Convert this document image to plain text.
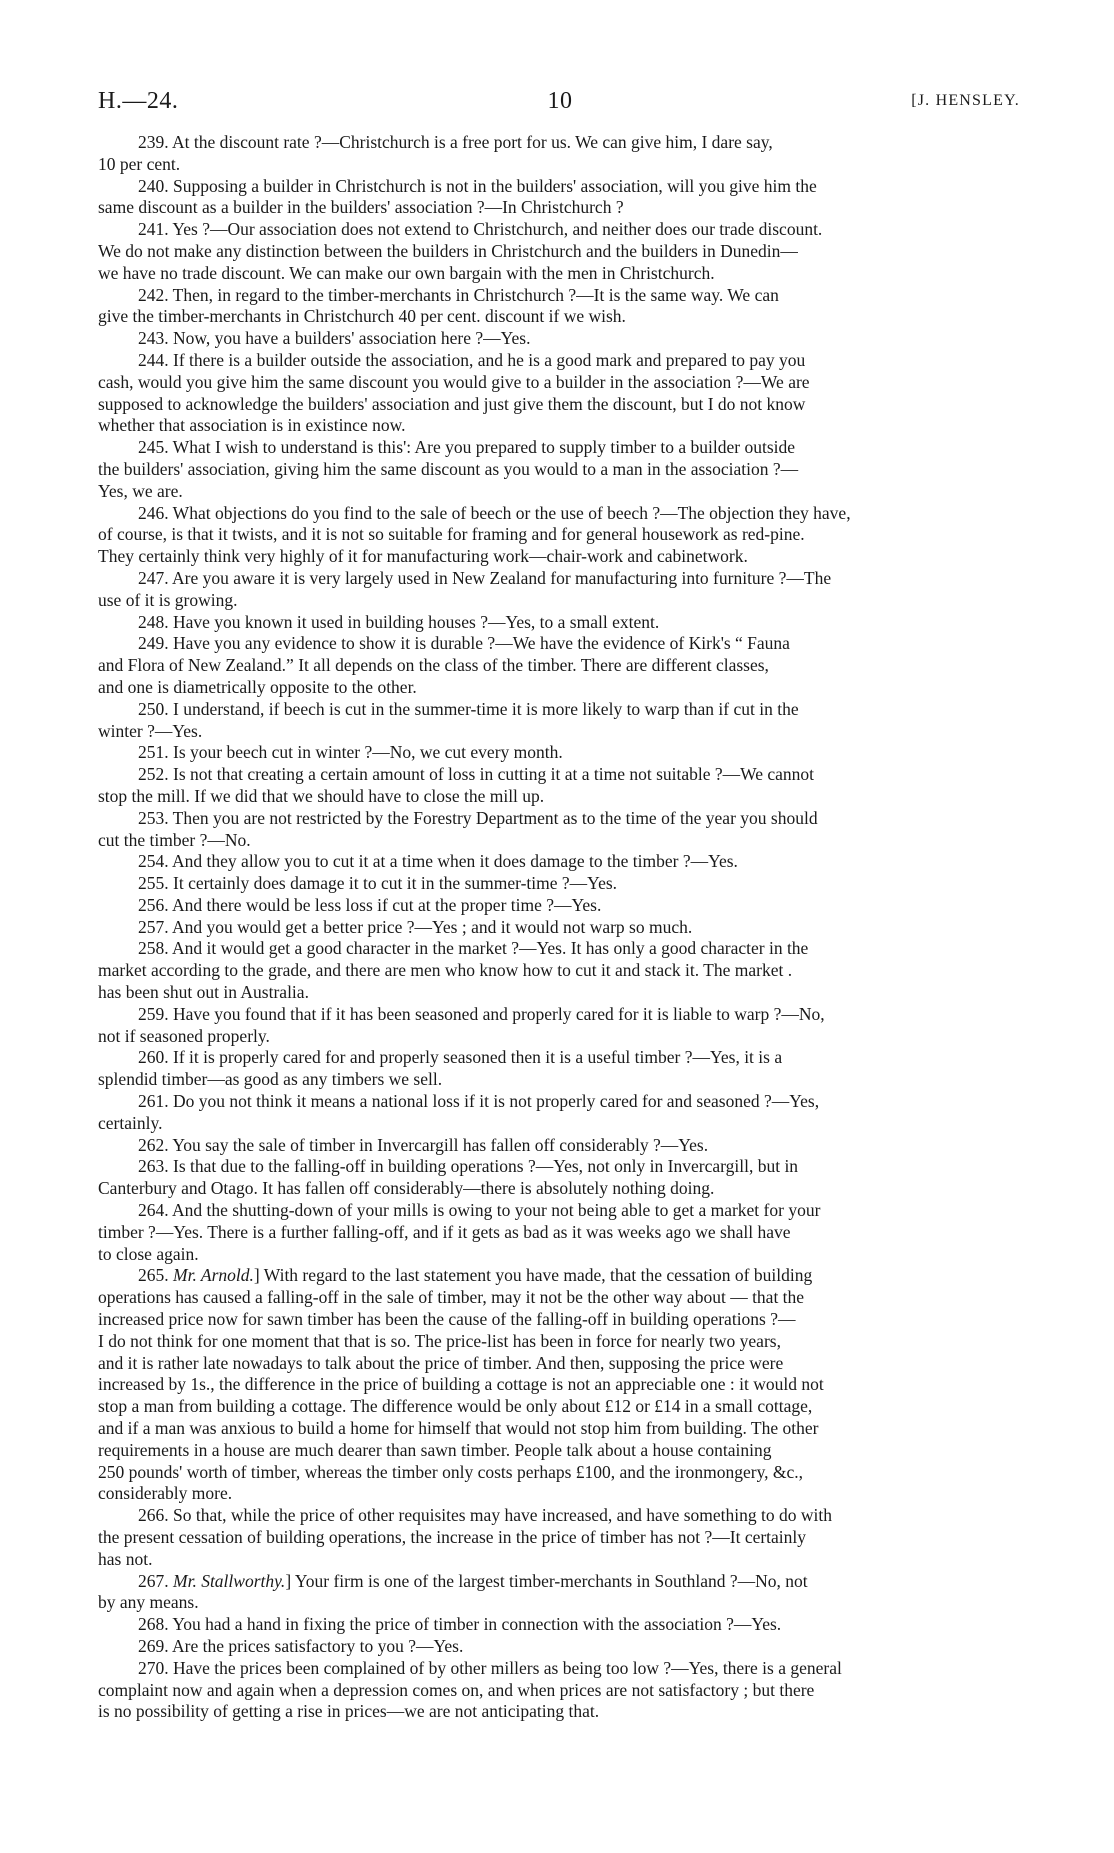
H.—24.	10	[J. HENSLEY.

239. At the discount rate ?—Christchurch is a free port for us. We can give him, I dare say,
10 per cent.

240. Supposing a builder in Christchurch is not in the builders' association, will you give him the
same discount as a builder in the builders' association ?—In Christchurch ?

241. Yes ?—Our association does not extend to Christchurch, and neither does our trade discount.
We do not make any distinction between the builders in Christchurch and the builders in Dunedin—
we have no trade discount. We can make our own bargain with the men in Christchurch.

242. Then, in regard to the timber-merchants in Christchurch ?—It is the same way. We can
give the timber-merchants in Christchurch 40 per cent. discount if we wish.

243. Now, you have a builders' association here ?—Yes.

244. If there is a builder outside the association, and he is a good mark and prepared to pay you
cash, would you give him the same discount you would give to a builder in the association ?—We are
supposed to acknowledge the builders' association and just give them the discount, but I do not know
whether that association is in existince now.

245. What I wish to understand is this': Are you prepared to supply timber to a builder outside
the builders' association, giving him the same discount as you would to a man in the association ?—
Yes, we are.

246. What objections do you find to the sale of beech or the use of beech ?—The objection they have,
of course, is that it twists, and it is not so suitable for framing and for general housework as red-pine.
They certainly think very highly of it for manufacturing work—chair-work and cabinetwork.

247. Are you aware it is very largely used in New Zealand for manufacturing into furniture ?—The
use of it is growing.

248. Have you known it used in building houses ?—Yes, to a small extent.

249. Have you any evidence to show it is durable ?—We have the evidence of Kirk's “ Fauna
and Flora of New Zealand.” It all depends on the class of the timber. There are different classes,
and one is diametrically opposite to the other.

250. I understand, if beech is cut in the summer-time it is more likely to warp than if cut in the
winter ?—Yes.

251. Is your beech cut in winter ?—No, we cut every month.

252. Is not that creating a certain amount of loss in cutting it at a time not suitable ?—We cannot
stop the mill. If we did that we should have to close the mill up.

253. Then you are not restricted by the Forestry Department as to the time of the year you should
cut the timber ?—No.

254. And they allow you to cut it at a time when it does damage to the timber ?—Yes.

255. It certainly does damage it to cut it in the summer-time ?—Yes.

256. And there would be less loss if cut at the proper time ?—Yes.

257. And you would get a better price ?—Yes ; and it would not warp so much.

258. And it would get a good character in the market ?—Yes. It has only a good character in the
market according to the grade, and there are men who know how to cut it and stack it. The market .
has been shut out in Australia.

259. Have you found that if it has been seasoned and properly cared for it is liable to warp ?—No,
not if seasoned properly.

260. If it is properly cared for and properly seasoned then it is a useful timber ?—Yes, it is a
splendid timber—as good as any timbers we sell.

261. Do you not think it means a national loss if it is not properly cared for and seasoned ?—Yes,
certainly.

262. You say the sale of timber in Invercargill has fallen off considerably ?—Yes.

263. Is that due to the falling-off in building operations ?—Yes, not only in Invercargill, but in
Canterbury and Otago. It has fallen off considerably—there is absolutely nothing doing.

264. And the shutting-down of your mills is owing to your not being able to get a market for your
timber ?—Yes. There is a further falling-off, and if it gets as bad as it was weeks ago we shall have
to close again.

265. Mr. Arnold.] With regard to the last statement you have made, that the cessation of building
operations has caused a falling-off in the sale of timber, may it not be the other way about — that the
increased price now for sawn timber has been the cause of the falling-off in building operations ?—
I do not think for one moment that that is so. The price-list has been in force for nearly two years,
and it is rather late nowadays to talk about the price of timber. And then, supposing the price were
increased by 1s., the difference in the price of building a cottage is not an appreciable one : it would not
stop a man from building a cottage. The difference would be only about £12 or £14 in a small cottage,
and if a man was anxious to build a home for himself that would not stop him from building. The other
requirements in a house are much dearer than sawn timber. People talk about a house containing
250 pounds' worth of timber, whereas the timber only costs perhaps £100, and the ironmongery, &c.,
considerably more.

266. So that, while the price of other requisites may have increased, and have something to do with
the present cessation of building operations, the increase in the price of timber has not ?—It certainly
has not.

267. Mr. Stallworthy.] Your firm is one of the largest timber-merchants in Southland ?—No, not
by any means.

268. You had a hand in fixing the price of timber in connection with the association ?—Yes.

269. Are the prices satisfactory to you ?—Yes.

270. Have the prices been complained of by other millers as being too low ?—Yes, there is a general
complaint now and again when a depression comes on, and when prices are not satisfactory ; but there
is no possibility of getting a rise in prices—we are not anticipating that.
